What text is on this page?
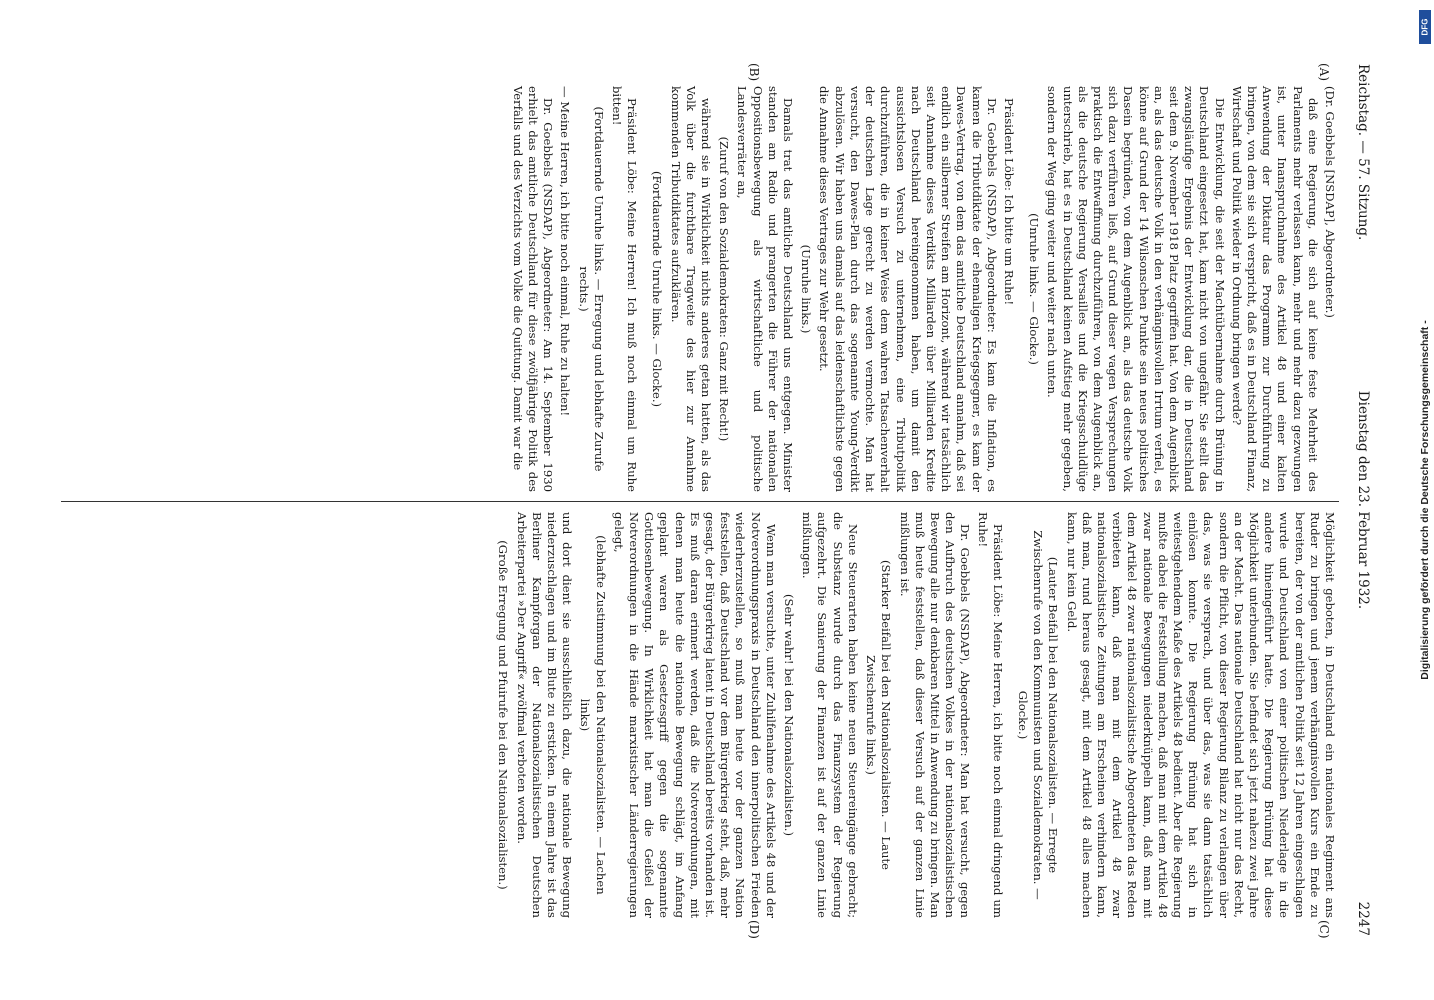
Reichstag. — 57. Sitzung.
Dienstag den 23. Februar 1932.
2247
(A)
(B)
(C)
(D)

(Dr. Goebbels [NSDAP], Abgeordneter.)

daß eine Regierung, die sich auf keine feste Mehrheit des Parlaments mehr verlassen kann, mehr und mehr dazu gezwungen ist, unter Inanspruchnahme des Artikel 48 und einer kalten Anwendung der Diktatur das Programm zur Durchführung zu bringen, von dem sie sich verspricht, daß es in Deutschland Finanz, Wirtschaft und Politik wieder in Ordnung bringen werde?

Die Entwicklung, die seit der Machtübernahme durch Brüning in Deutschland eingesetzt hat, kam nicht von ungefähr. Sie stellt das zwangsläufige Ergebnis der Entwicklung dar, die in Deutschland seit dem 9. November 1918 Platz gegriffen hat. Von dem Augenblick an, als das deutsche Volk in den verhängnisvollen Irrtum verfiel, es könne auf Grund der 14 Wilsonschen Punkte sein neues politisches Dasein begründen, von dem Augenblick an, als das deutsche Volk sich dazu verführen ließ, auf Grund dieser vagen Versprechungen praktisch die Entwaffnung durchzuführen, von dem Augenblick an, als die deutsche Regierung Versailles und die Kriegsschuldlüge unterschrieb, hat es in Deutschland keinen Aufstieg mehr gegeben, sondern der Weg ging weiter und weiter nach unten.

(Unruhe links. — Glocke.)

Präsident Löbe: Ich bitte um Ruhe!

Dr. Goebbels (NSDAP), Abgeordneter: Es kam die Inflation, es kamen die Tributdiktate der ehemaligen Kriegsgegner, es kam der Dawes-Vertrag, von dem das amtliche Deutschland annahm, daß sei endlich ein silberner Streifen am Horizont, während wir tatsächlich seit Annahme dieses Verdikts Milliarden über Milliarden Kredite nach Deutschland hereingenommen haben, um damit den aussichtslosen Versuch zu unternehmen, eine Tributpolitik durchzuführen, die in keiner Weise dem wahren Tatsachenverhalt der deutschen Lage gerecht zu werden vermochte. Man hat versucht, den Dawes-Plan durch das sogenannte Young-Verdikt abzulösen. Wir haben uns damals auf das leidenschaftlichste gegen die Annahme dieses Vertrages zur Wehr gesetzt.

(Unruhe links.)

Damals trat das amtliche Deutschland uns entgegen. Minister standen am Radio und prangerten die Führer der nationalen Oppositionsbewegung als wirtschaftliche und politische Landesverräter an,

(Zuruf von den Sozialdemokraten: Ganz mit Recht!)

während sie in Wirklichkeit nichts anderes getan hatten, als das Volk über die furchtbare Tragweite des hier zur Annahme kommenden Tributdiktates aufzuklären.

(Fortdauernde Unruhe links. — Glocke.)

Präsident Löbe: Meine Herren! Ich muß noch einmal um Ruhe bitten!

(Fortdauernde Unruhe links. — Erregung und lebhafte Zurufe rechts.)

— Meine Herren, ich bitte noch einmal, Ruhe zu halten!

Dr. Goebbels (NSDAP), Abgeordneter: Am 14. September 1930 erhielt das amtliche Deutschland für diese zwölfjährige Politik des Verfalls und des Verzichts vom Volke die Quittung. Damit war die

Möglichkeit geboten, in Deutschland ein nationales Regiment ans Ruder zu bringen und jenem verhängnisvollen Kurs ein Ende zu bereiten, der von der amtlichen Politik seit 12 Jahren eingeschlagen wurde und Deutschland von einer politischen Niederlage in die andere hineingeführt hatte. Die Regierung Brüning hat diese Möglichkeit unterbunden. Sie befindet sich jetzt nahezu zwei Jahre an der Macht. Das nationale Deutschland hat nicht nur das Recht, sondern die Pflicht, von dieser Regierung Bilanz zu verlangen über das, was sie versprach, und über das, was sie dann tatsächlich einlösen konnte. Die Regierung Brüning hat sich in weitestgehendem Maße des Artikels 48 bedient. Aber die Regierung mußte dabei die Feststellung machen, daß man mit dem Artikel 48 zwar nationale Bewegungen niederknüppeln kann, daß man mit dem Artikel 48 zwar nationalsozialistische Abgeordneten das Reden verbieten kann, daß man mit dem Artikel 48 zwar nationalsozialistische Zeitungen am Erscheinen verhindern kann, daß man, rund heraus gesagt, mit dem Artikel 48 alles machen kann, nur kein Geld.

(Lauter Beifall bei den Nationalsozialisten. — Erregte Zwischenrufe von den Kommunisten und Sozialdemokraten. — Glocke.)

Präsident Löbe: Meine Herren, ich bitte noch einmal dringend um Ruhe!

Dr. Goebbels (NSDAP), Abgeordneter: Man hat versucht, gegen den Aufbruch des deutschen Volkes in der nationalsozialistischen Bewegung alle nur denkbaren Mittel in Anwendung zu bringen. Man muß heute feststellen, daß dieser Versuch auf der ganzen Linie mißlungen ist.

(Starker Beifall bei den Nationalsozialisten. — Laute Zwischenrufe links.)

Neue Steuerarten haben keine neuen Steuereingänge gebracht; die Substanz wurde durch das Finanzsystem der Regierung aufgezehrt. Die Sanierung der Finanzen ist auf der ganzen Linie mißlungen.

(Sehr wahr! bei den Nationalsozialisten.)

Wenn man versuchte, unter Zuhilfenahme des Artikels 48 und der Notverordnungspraxis in Deutschland den innerpolitischen Frieden wiederherzustellen, so muß man heute vor der ganzen Nation feststellen, daß Deutschland vor dem Bürgerkrieg steht, daß, mehr gesagt, der Bürgerkrieg latent in Deutschland bereits vorhanden ist. Es muß daran erinnert werden, daß die Notverordnungen, mit denen man heute die nationale Bewegung schlägt, im Anfang geplant waren als Gesetzesgriff gegen die sogenannte Gottlosenbewegung. In Wirklichkeit hat man die Geißel der Notverordnungen in die Hände marxistischer Länderregierungen gelegt,

(lebhafte Zustimmung bei den Nationalsozialisten. — Lachen links)

und dort dient sie ausschließlich dazu, die nationale Bewegung niederzuschlagen und im Blute zu ersticken. In einem Jahre ist das Berliner Kampforgan der Nationalsozialistischen Deutschen Arbeiterpartei »Der Angriff« zwölfmal verboten worden.

(Große Erregung und Pfuirufe bei den Nationalsozialisten.)

DFG
Digitalisierung gefördert durch die Deutsche Forschungsgemeinschaft -
